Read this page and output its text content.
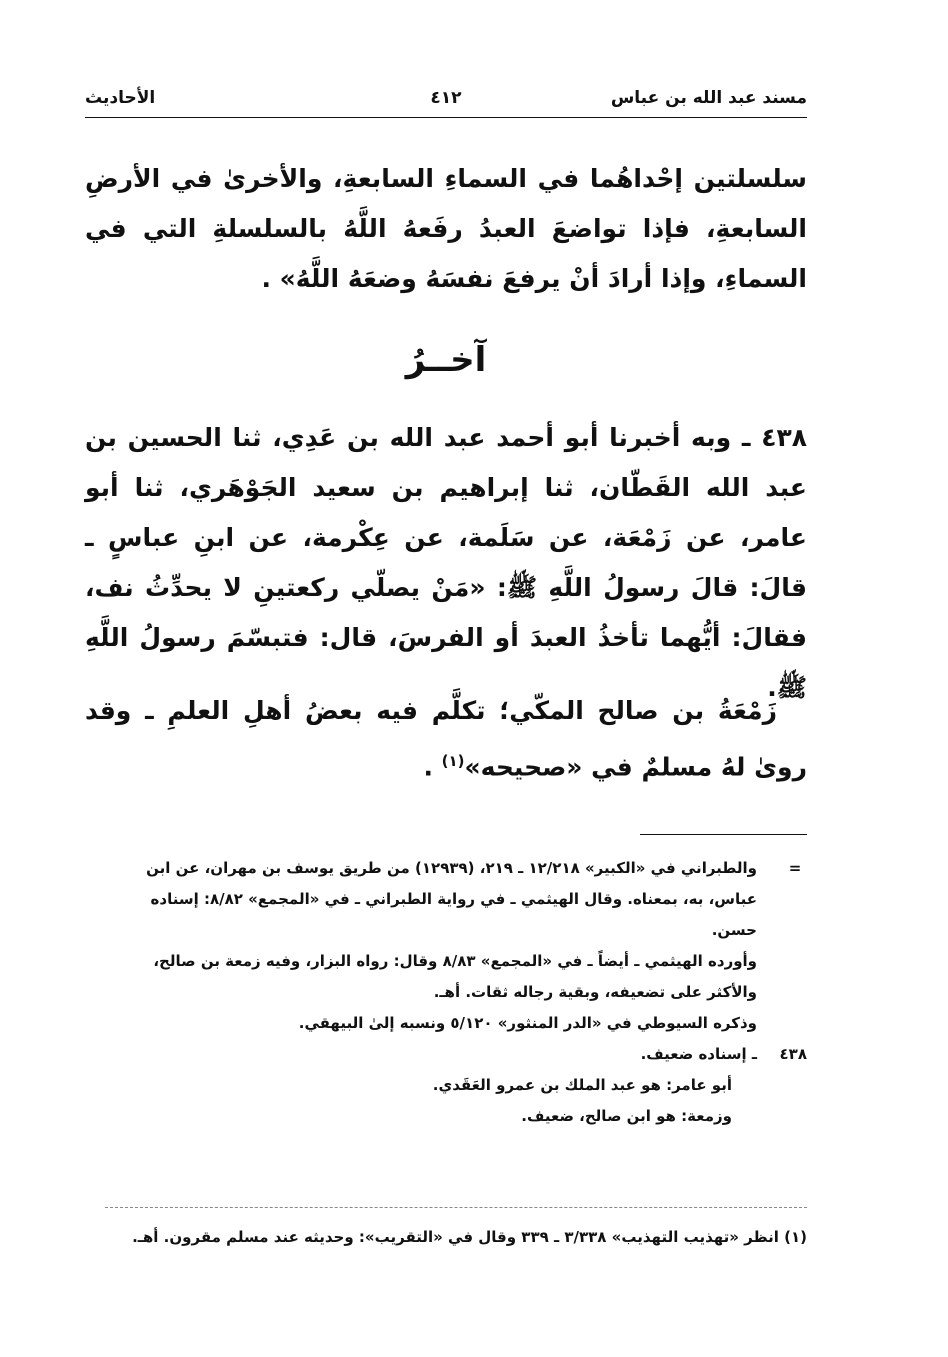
مسند عبد الله بن عباس
٤١٢
الأحاديث
سلسلتين إحْداهُما في السماءِ السابعةِ، والأخرىٰ في الأرضِ السابعةِ، فإذا تواضعَ العبدُ رفَعهُ اللَّهُ بالسلسلةِ التي في السماءِ، وإذا أرادَ أنْ يرفعَ نفسَهُ وضعَهُ اللَّهُ» .
آخــرُ
٤٣٨ ـ وبه أخبرنا أبو أحمد عبد الله بن عَدِي، ثنا الحسين بن عبد الله القَطّان، ثنا إبراهيم بن سعيد الجَوْهَري، ثنا أبو عامر، عن زَمْعَة، عن سَلَمة، عن عِكْرمة، عن ابنِ عباسٍ ـ قالَ: قالَ رسولُ اللَّهِ ﷺ: «مَنْ يصلّي ركعتينِ لا يحدِّثُ نف، فقالَ: أيُّهما تأخذُ العبدَ أو الفرسَ، قال: فتبسّمَ رسولُ اللَّهِ ﷺ.
زَمْعَةُ بن صالح المكّي؛ تكلَّم فيه بعضُ أهلِ العلمِ ـ وقد روىٰ لهُ مسلمٌ في «صحيحه»$^{(١)}$ .
=
والطبراني في «الكبير» ١٢/٢١٨ ـ ٢١٩، (١٢٩٣٩) من طريق يوسف بن مهران، عن ابن
عباس، به، بمعناه. وقال الهيثمي ـ في رواية الطبراني ـ في «المجمع» ٨/٨٢: إسناده
حسن.
وأورده الهيثمي ـ أيضاً ـ في «المجمع» ٨/٨٣ وقال: رواه البزار، وفيه زمعة بن صالح،
والأكثر على تضعيفه، وبقية رجاله ثقات. أهـ.
وذكره السيوطي في «الدر المنثور» ٥/١٢٠ ونسبه إلىٰ البيهقي.
٤٣٨
ـ إسناده ضعيف.
أبو عامر: هو عبد الملك بن عمرو العَقَدي.
وزمعة: هو ابن صالح، ضعيف.
(١) انظر «تهذيب التهذيب» ٣/٣٣٨ ـ ٣٣٩ وقال في «التقريب»: وحديثه عند مسلم مقرون. أهـ.
